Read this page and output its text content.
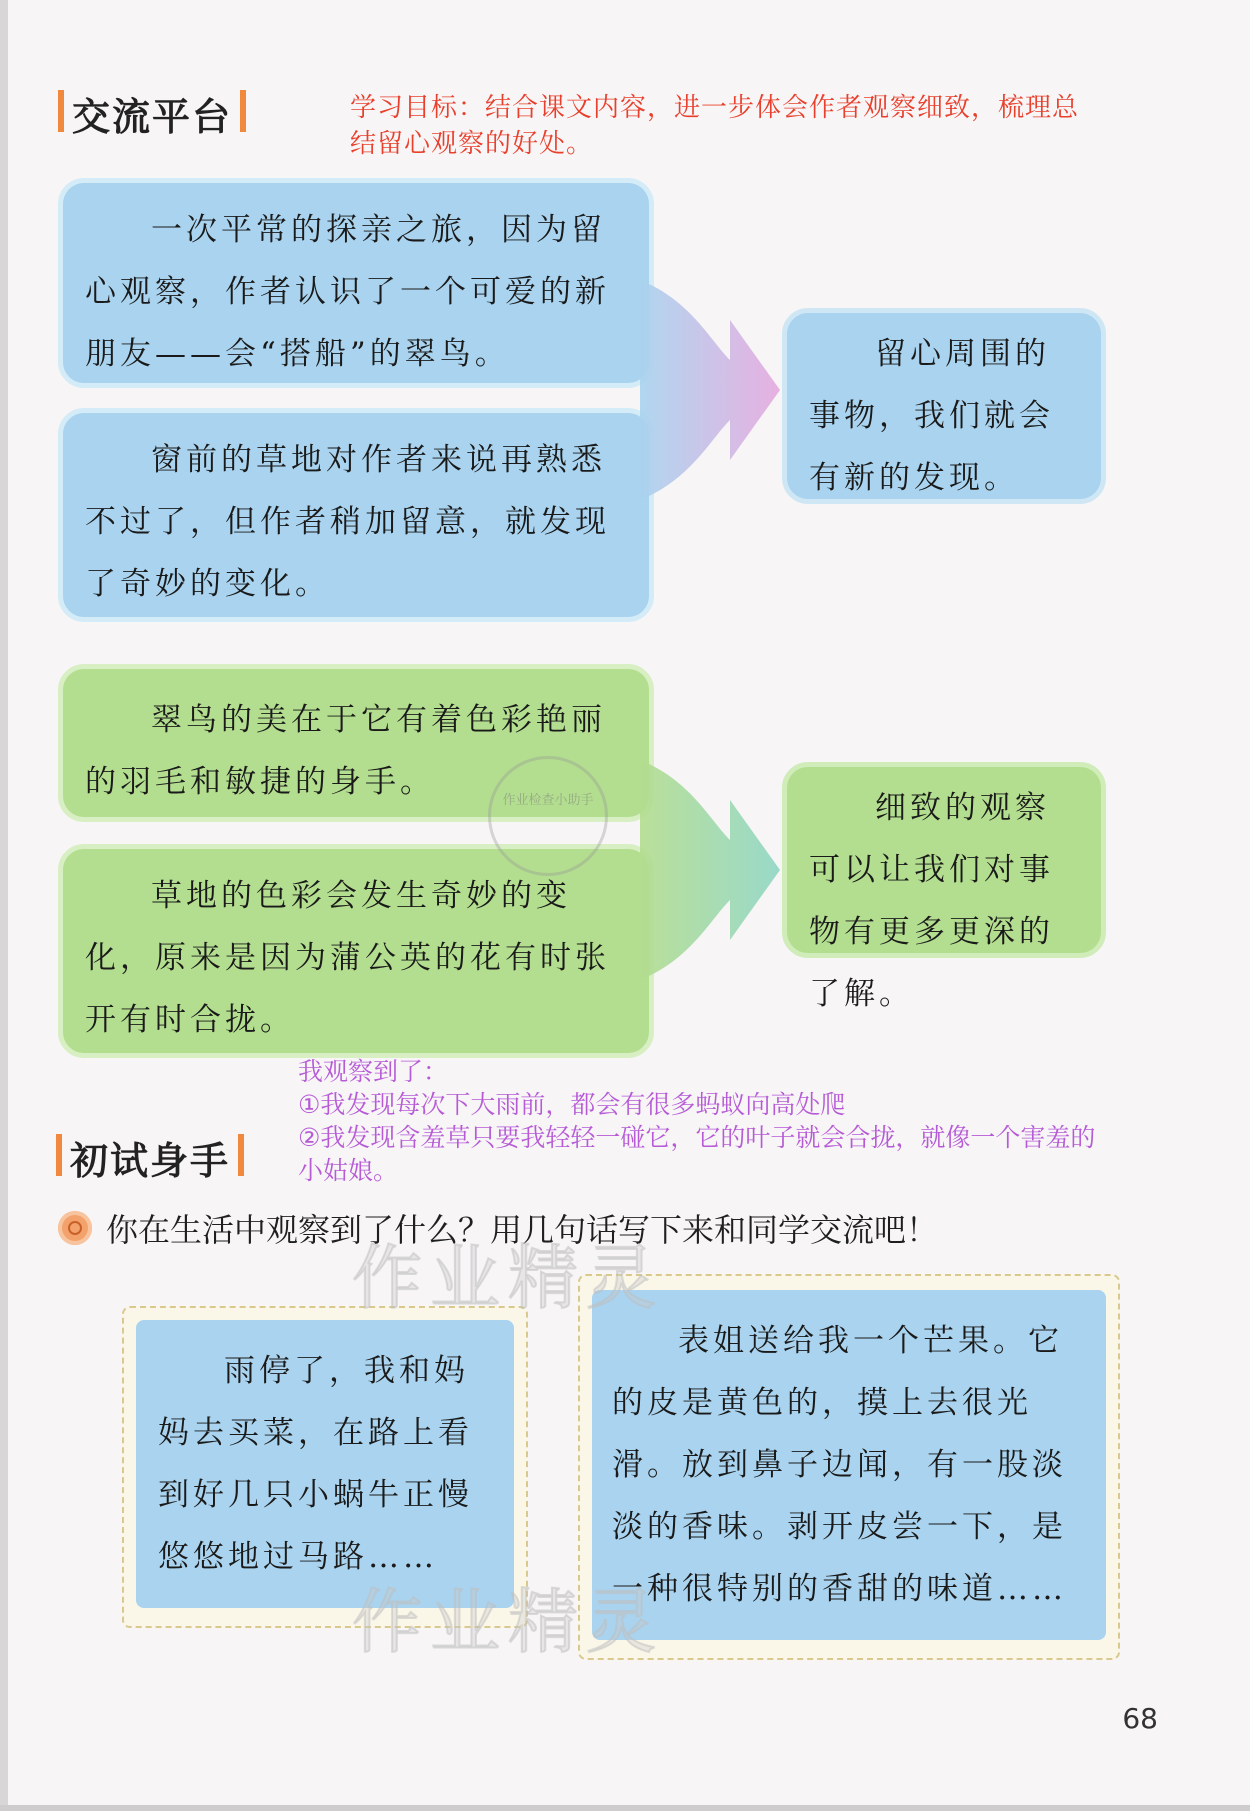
交流平台	学习目标：结合课文内容，进一步体会作者观察细致，梳理总结留心观察的好处。
一次平常的探亲之旅，因为留心观察，作者认识了一个可爱的新朋友——会“搭船”的翠鸟。
窗前的草地对作者来说再熟悉不过了，但作者稍加留意，就发现了奇妙的变化。
留心周围的事物，我们就会有新的发现。
翠鸟的美在于它有着色彩艳丽的羽毛和敏捷的身手。
草地的色彩会发生奇妙的变化，原来是因为蒲公英的花有时张开有时合拢。
细致的观察可以让我们对事物有更多更深的了解。
作业检查小助手
我观察到了：
①我发现每次下大雨前，都会有很多蚂蚁向高处爬
②我发现含羞草只要我轻轻一碰它，它的叶子就会合拢，就像一个害羞的小姑娘。
初试身手
你在生活中观察到了什么？用几句话写下来和同学交流吧！
雨停了，我和妈妈去买菜，在路上看到好几只小蜗牛正慢悠悠地过马路……
表姐送给我一个芒果。它的皮是黄色的，摸上去很光滑。放到鼻子边闻，有一股淡淡的香味。剥开皮尝一下，是一种很特别的香甜的味道……
作业精灵
作业精灵
68
